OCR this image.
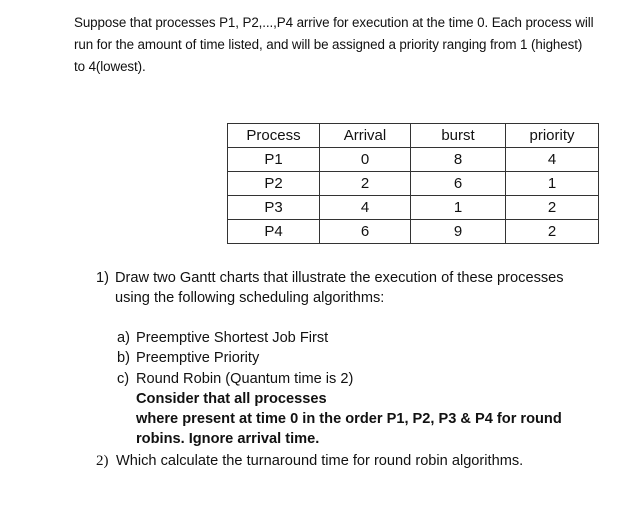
Suppose that processes P1, P2,...,P4 arrive for execution at the time 0. Each process will
run for the amount of time listed, and will be assigned a priority ranging from 1 (highest)
to 4(lowest).
Process	Arrival	burst	priority
P1	0	8	4
P2	2	6	1
P3	4	1	2
P4	6	9	2
1) Draw two Gantt charts that illustrate the execution of these processes
using the following scheduling algorithms:
a) Preemptive Shortest Job First
b) Preemptive Priority
c) Round Robin (Quantum time is 2)
Consider that all processes
where present at time 0 in the order P1, P2, P3 & P4 for round
robins. Ignore arrival time.
2) Which calculate the turnaround time for round robin algorithms.
